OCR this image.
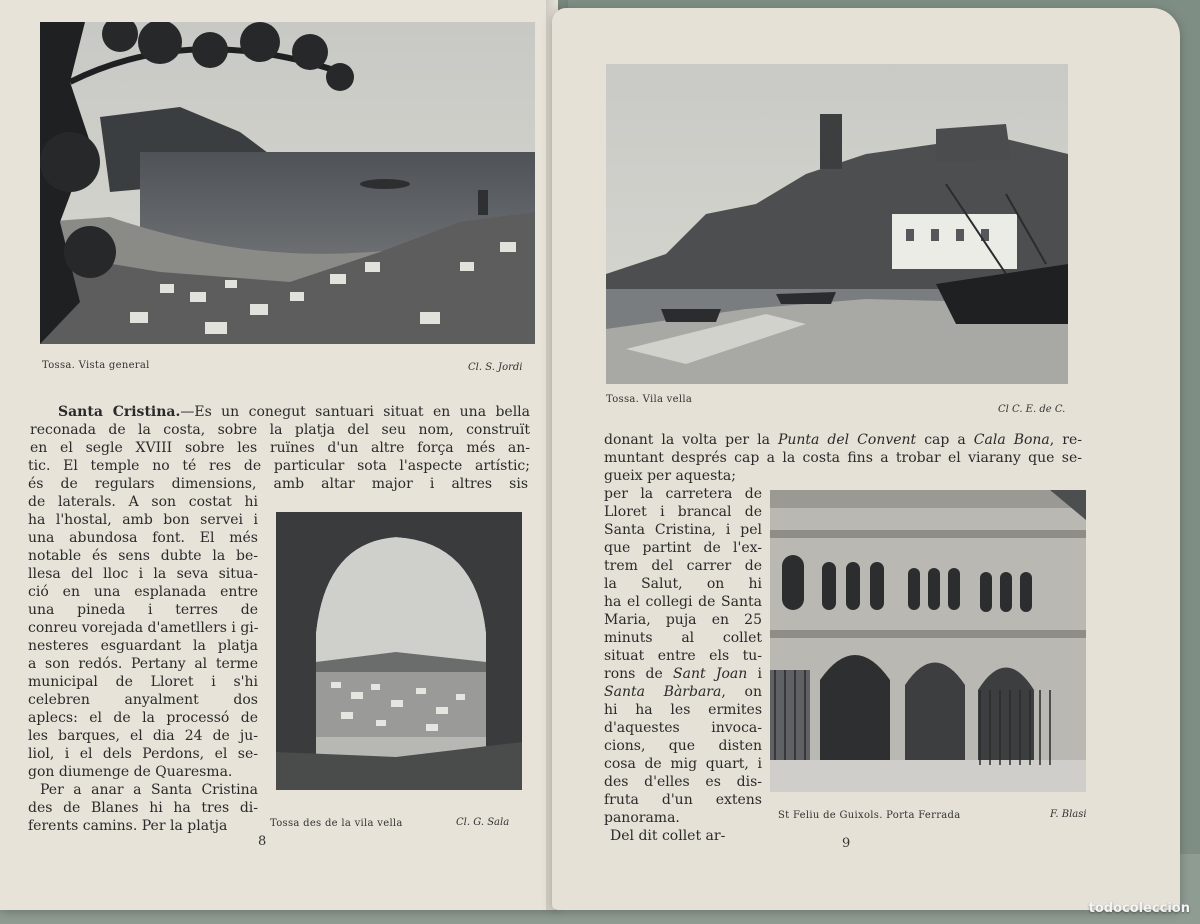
Tossa. Vista general	Cl. S. Jordi
Santa Cristina.—Es un conegut santuari situat en una bella
reconada de la costa, sobre la platja del seu nom, construït
en el segle XVIII sobre les ruïnes d'un altre força més an-
tic. El temple no té res de particular sota l'aspecte artístic;
és de regulars dimensions, amb altar major i altres sis
de laterals. A son costat hi
ha l'hostal, amb bon servei i
una abundosa font. El més
notable és sens dubte la be-
llesa del lloc i la seva situa-
ció en una esplanada entre
una pineda i terres de
conreu vorejada d'ametllers i gi-
nesteres esguardant la platja
a son redós. Pertany al terme
municipal de Lloret i s'hi
celebren anyalment dos
aplecs: el de la processó de
les barques, el dia 24 de ju-
liol, i el dels Perdons, el se-
gon diumenge de Quaresma.
Per a anar a Santa Cristina
des de Blanes hi ha tres di-
ferents camins. Per la platja	Tossa des de la vila vella	Cl. G. Sala
8
Tossa. Vila vella
Cl C. E. de C.
donant la volta per la Punta del Convent cap a Cala Bona, re-
muntant després cap a la costa fins a trobar el viarany que se-
gueix per aquesta;
per la carretera de
Lloret i brancal de
Santa Cristina, i pel
que partint de l'ex-
trem del carrer de
la Salut, on hi
ha el collegi de Santa
Maria, puja en 25
minuts al collet
situat entre els tu-
rons de Sant Joan i
Santa Bàrbara, on
hi ha les ermites
d'aquestes invoca-
cions, que disten
cosa de mig quart, i
des d'elles es dis-
fruta d'un extens
panorama.
Del dit collet ar-
St Feliu de Guixols. Porta Ferrada	F. Blasi
9
todocoleccion
